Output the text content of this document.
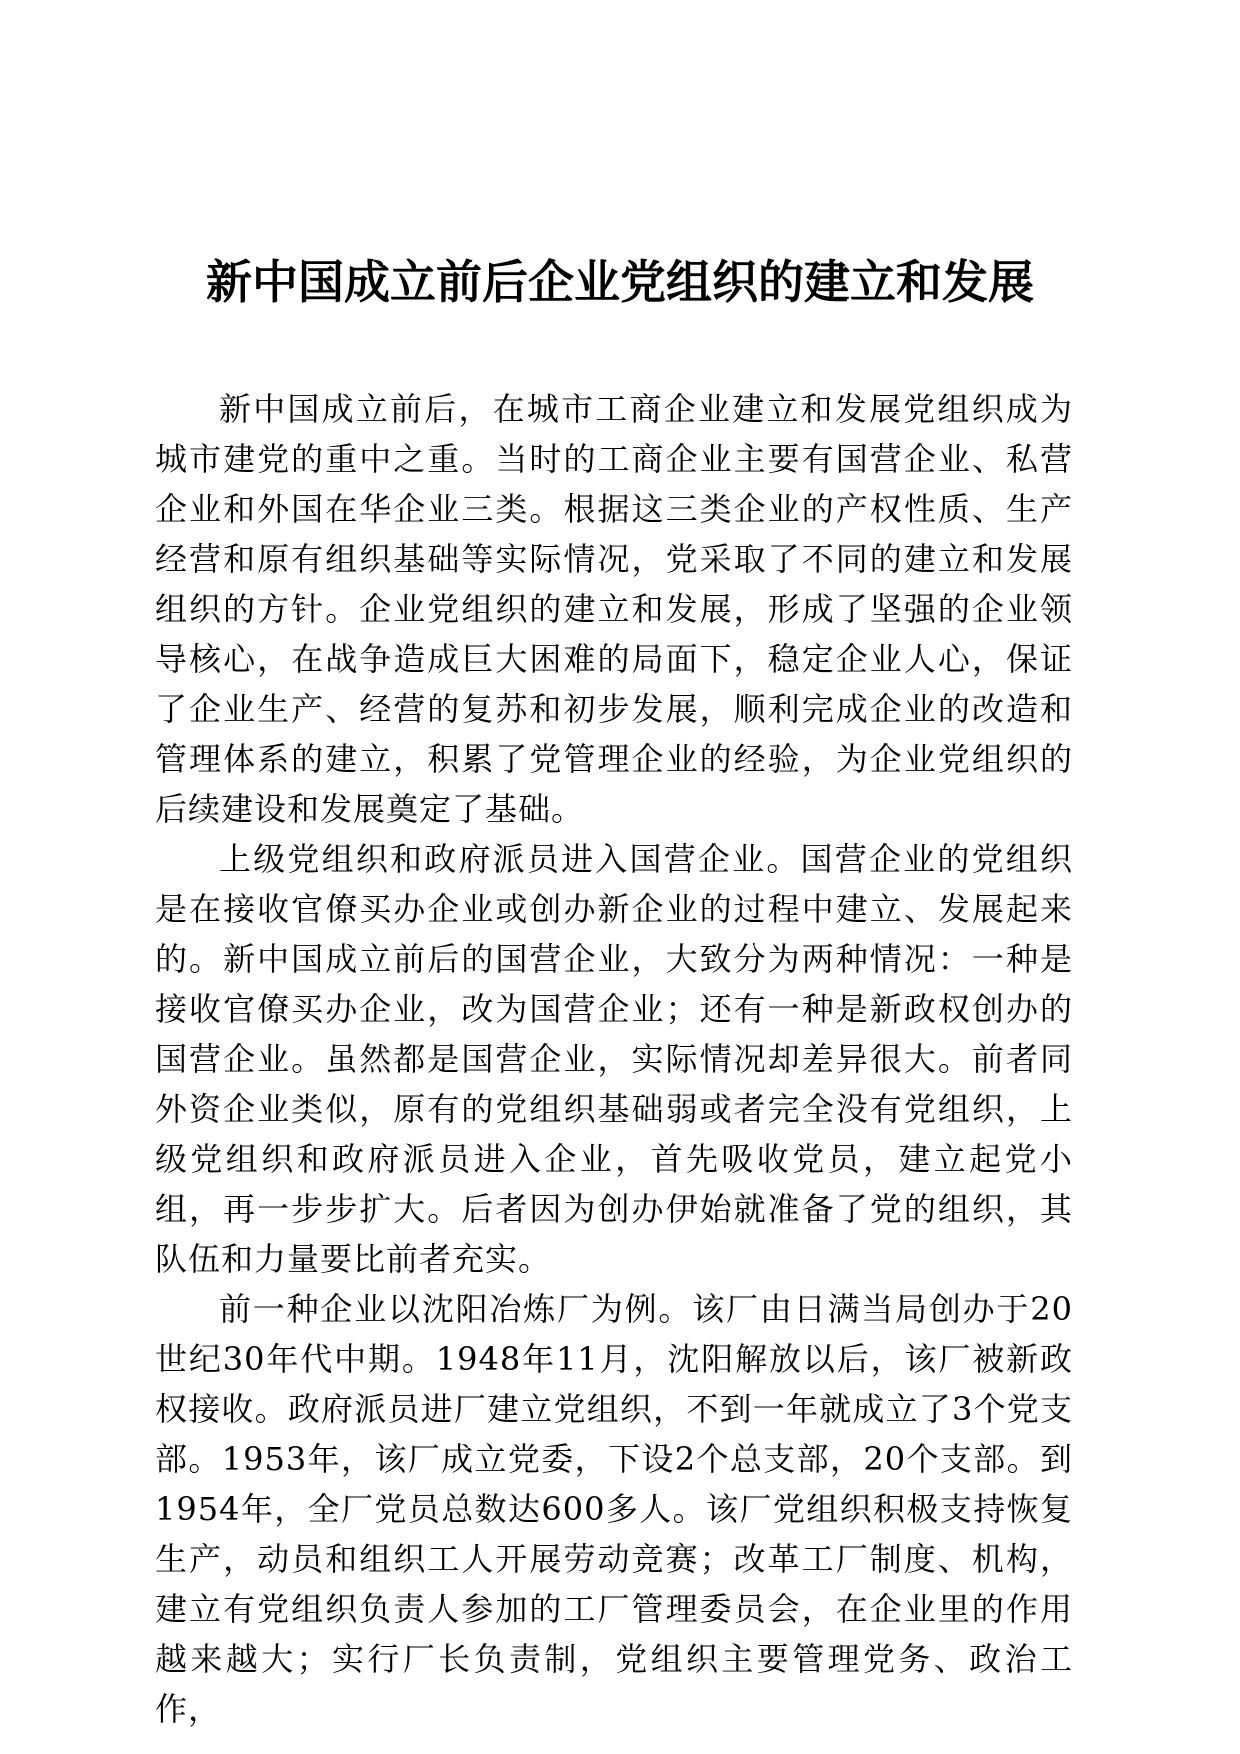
新中国成立前后企业党组织的建立和发展

新中国成立前后，在城市工商企业建立和发展党组织成为城市建党的重中之重。当时的工商企业主要有国营企业、私营企业和外国在华企业三类。根据这三类企业的产权性质、生产经营和原有组织基础等实际情况，党采取了不同的建立和发展组织的方针。企业党组织的建立和发展，形成了坚强的企业领导核心，在战争造成巨大困难的局面下，稳定企业人心，保证了企业生产、经营的复苏和初步发展，顺利完成企业的改造和管理体系的建立，积累了党管理企业的经验，为企业党组织的后续建设和发展奠定了基础。

上级党组织和政府派员进入国营企业。国营企业的党组织是在接收官僚买办企业或创办新企业的过程中建立、发展起来的。新中国成立前后的国营企业，大致分为两种情况：一种是接收官僚买办企业，改为国营企业；还有一种是新政权创办的国营企业。虽然都是国营企业，实际情况却差异很大。前者同外资企业类似，原有的党组织基础弱或者完全没有党组织，上级党组织和政府派员进入企业，首先吸收党员，建立起党小组，再一步步扩大。后者因为创办伊始就准备了党的组织，其队伍和力量要比前者充实。

前一种企业以沈阳冶炼厂为例。该厂由日满当局创办于20世纪30年代中期。1948年11月，沈阳解放以后，该厂被新政权接收。政府派员进厂建立党组织，不到一年就成立了3个党支部。1953年，该厂成立党委，下设2个总支部，20个支部。到1954年，全厂党员总数达600多人。该厂党组织积极支持恢复生产，动员和组织工人开展劳动竞赛；改革工厂制度、机构，建立有党组织负责人参加的工厂管理委员会，在企业里的作用越来越大；实行厂长负责制，党组织主要管理党务、政治工作，
